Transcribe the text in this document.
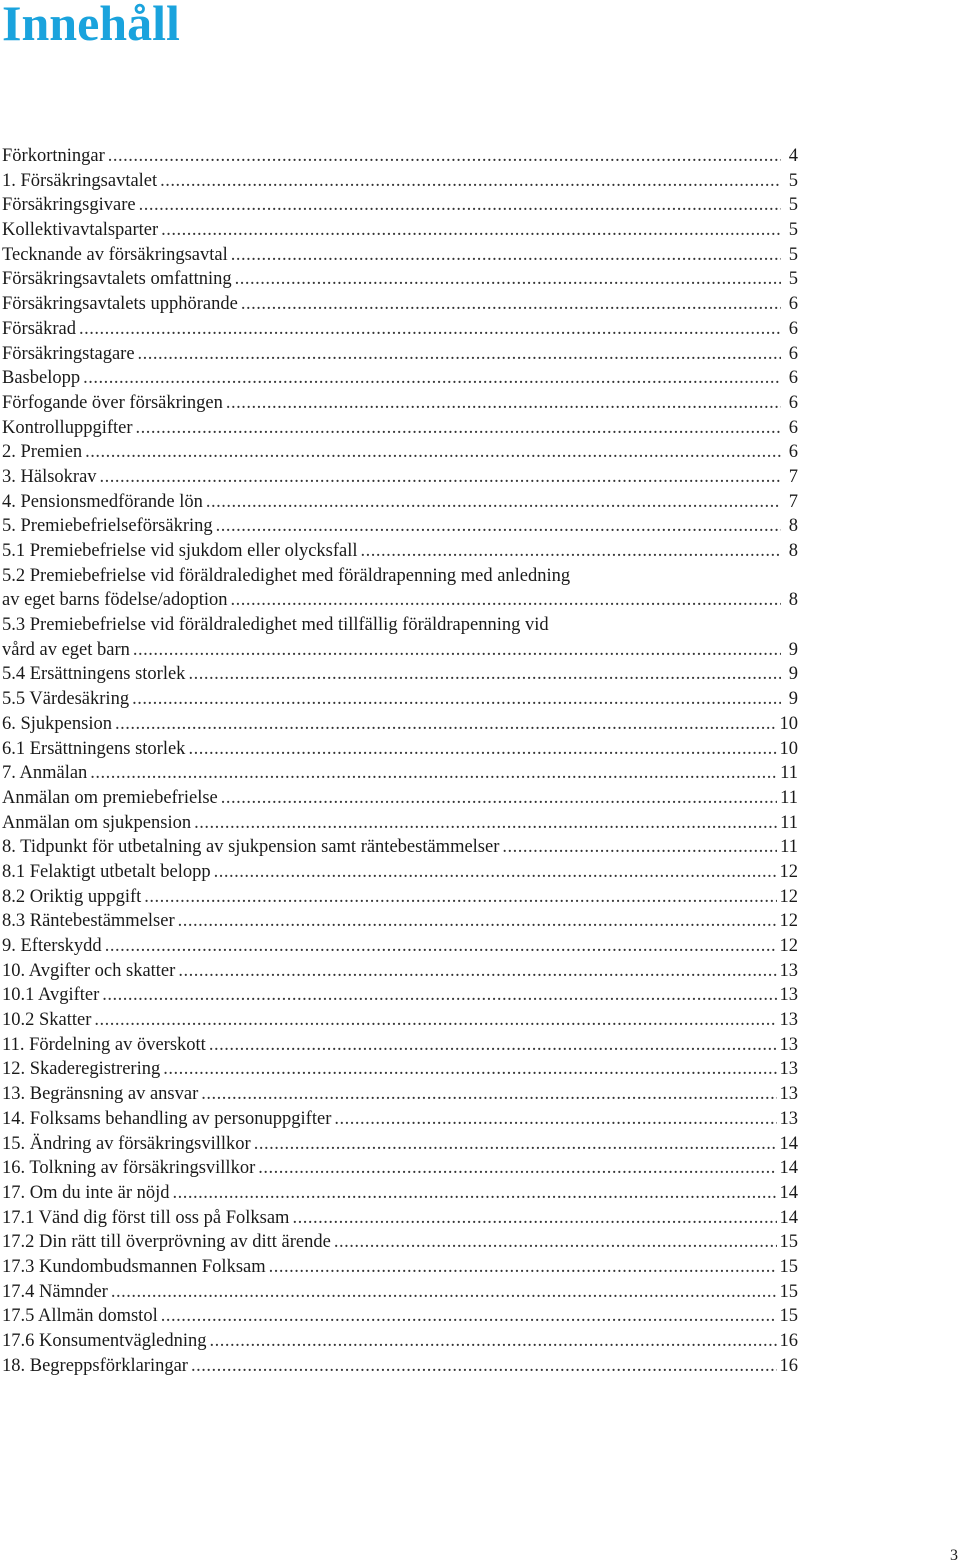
Innehåll
Förkortningar .....	4
1. Försäkringsavtalet .....	5
Försäkringsgivare .....	5
Kollektivavtalsparter .....	5
Tecknande av försäkringsavtal .....	5
Försäkringsavtalets omfattning .....	5
Försäkringsavtalets upphörande .....	6
Försäkrad .....	6
Försäkringstagare .....	6
Basbelopp .....	6
Förfogande över försäkringen .....	6
Kontrolluppgifter .....	6
2. Premien .....	6
3. Hälsokrav .....	7
4. Pensionsmedförande lön .....	7
5. Premiebefrielseförsäkring .....	8
5.1 Premiebefrielse vid sjukdom eller olycksfall .....	8
5.2 Premiebefrielse vid föräldraledighet med föräldrapenning med anledning
av eget barns födelse/adoption .....	8
5.3 Premiebefrielse vid föräldraledighet med tillfällig föräldrapenning vid
vård av eget barn .....	9
5.4 Ersättningens storlek .....	9
5.5 Värdesäkring .....	9
6. Sjukpension .....	10
6.1 Ersättningens storlek .....	10
7. Anmälan .....	11
Anmälan om premiebefrielse .....	11
Anmälan om sjukpension .....	11
8. Tidpunkt för utbetalning av sjukpension samt räntebestämmelser .....	11
8.1 Felaktigt utbetalt belopp .....	12
8.2 Oriktig uppgift .....	12
8.3 Räntebestämmelser .....	12
9. Efterskydd .....	12
10. Avgifter och skatter .....	13
10.1 Avgifter .....	13
10.2 Skatter .....	13
11. Fördelning av överskott .....	13
12. Skaderegistrering .....	13
13. Begränsning av ansvar .....	13
14. Folksams behandling av personuppgifter .....	13
15. Ändring av försäkringsvillkor .....	14
16. Tolkning av försäkringsvillkor .....	14
17. Om du inte är nöjd .....	14
17.1 Vänd dig först till oss på Folksam .....	14
17.2 Din rätt till överprövning av ditt ärende .....	15
17.3 Kundombudsmannen Folksam .....	15
17.4 Nämnder .....	15
17.5 Allmän domstol .....	15
17.6 Konsumentvägledning .....	16
18. Begreppsförklaringar .....	16
3
